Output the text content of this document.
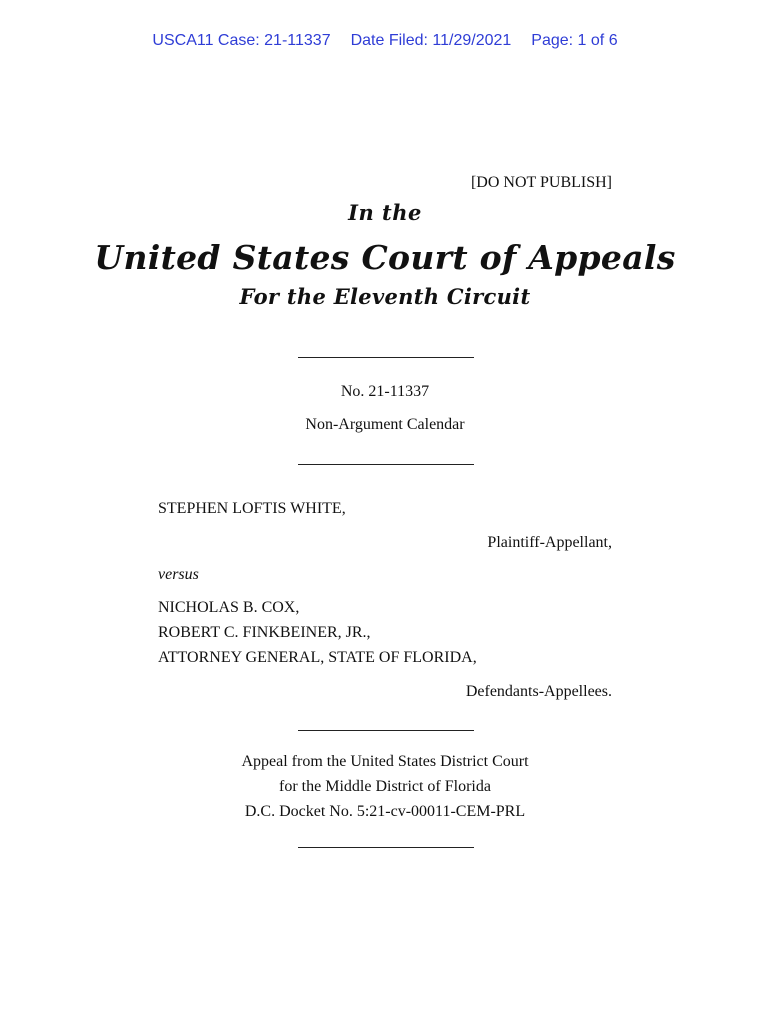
USCA11 Case: 21-11337 Date Filed: 11/29/2021 Page: 1 of 6
[DO NOT PUBLISH]
In the
United States Court of Appeals
For the Eleventh Circuit
No. 21-11337
Non-Argument Calendar
STEPHEN LOFTIS WHITE,
Plaintiff-Appellant,
versus
NICHOLAS B. COX,
ROBERT C. FINKBEINER, JR.,
ATTORNEY GENERAL, STATE OF FLORIDA,
Defendants-Appellees.
Appeal from the United States District Court
for the Middle District of Florida
D.C. Docket No. 5:21-cv-00011-CEM-PRL
